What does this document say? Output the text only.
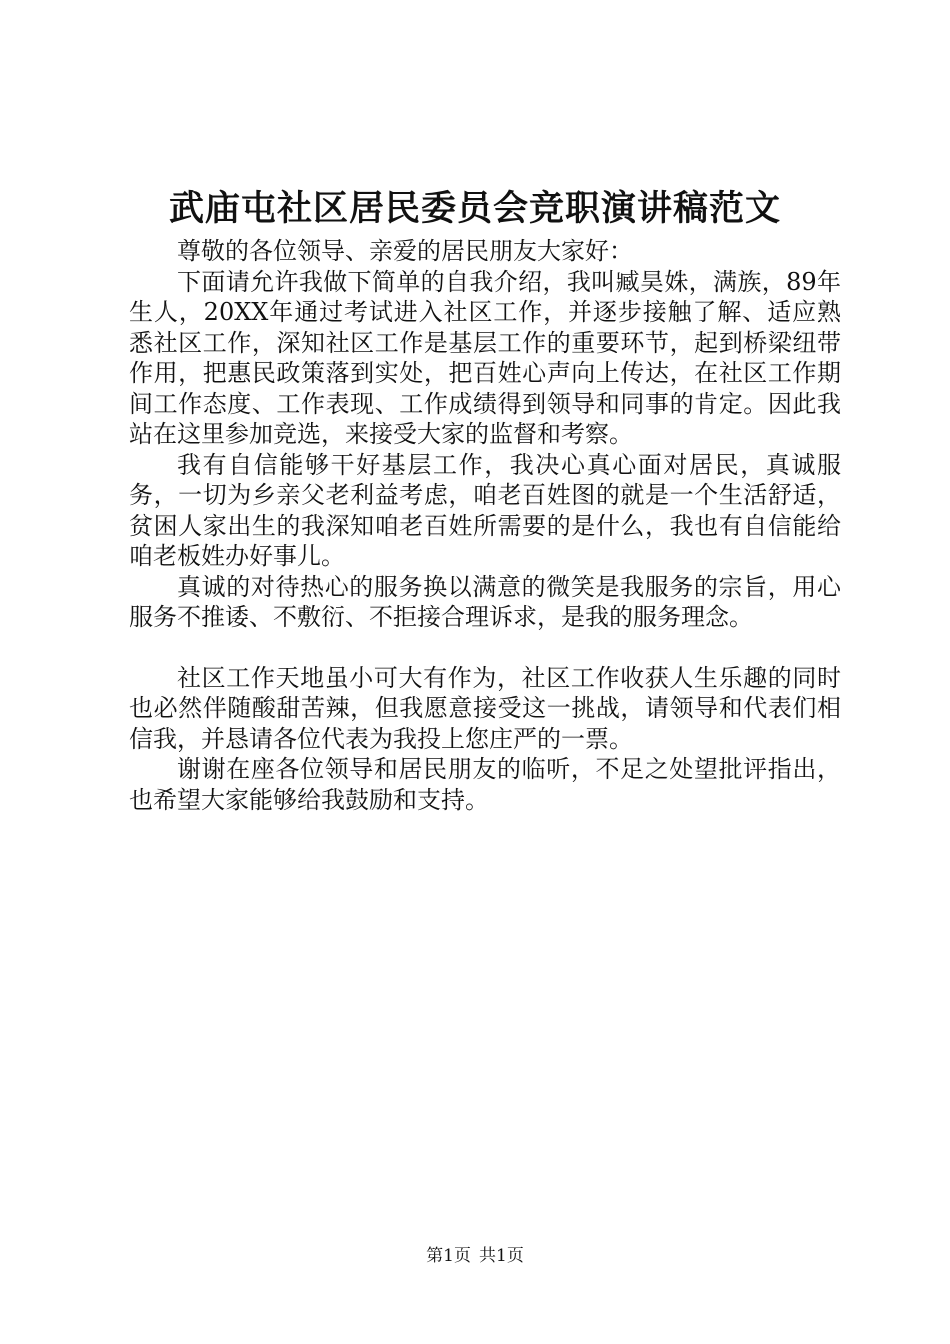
武庙屯社区居民委员会竞职演讲稿范文

尊敬的各位领导、亲爱的居民朋友大家好：

下面请允许我做下简单的自我介绍，我叫臧昊姝，满族，89年生人，20XX年通过考试进入社区工作，并逐步接触了解、适应熟悉社区工作，深知社区工作是基层工作的重要环节，起到桥梁纽带作用，把惠民政策落到实处，把百姓心声向上传达，在社区工作期间工作态度、工作表现、工作成绩得到领导和同事的肯定。因此我站在这里参加竞选，来接受大家的监督和考察。

我有自信能够干好基层工作，我决心真心面对居民，真诚服务，一切为乡亲父老利益考虑，咱老百姓图的就是一个生活舒适，贫困人家出生的我深知咱老百姓所需要的是什么，我也有自信能给咱老板姓办好事儿。

真诚的对待热心的服务换以满意的微笑是我服务的宗旨，用心服务不推诿、不敷衍、不拒接合理诉求，是我的服务理念。

社区工作天地虽小可大有作为，社区工作收获人生乐趣的同时也必然伴随酸甜苦辣，但我愿意接受这一挑战，请领导和代表们相信我，并恳请各位代表为我投上您庄严的一票。

谢谢在座各位领导和居民朋友的临听，不足之处望批评指出，也希望大家能够给我鼓励和支持。

第1页 共1页
